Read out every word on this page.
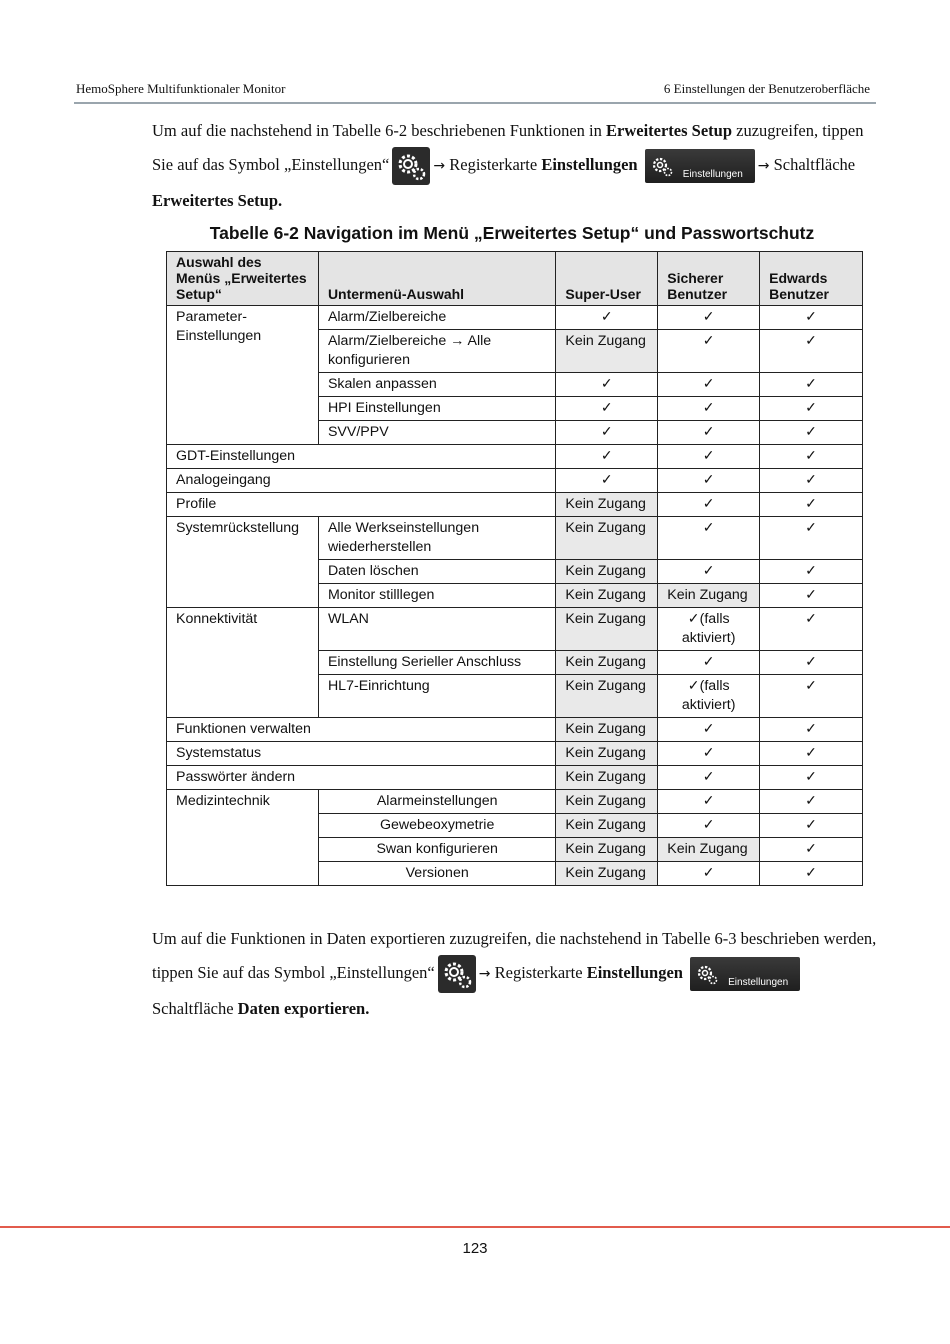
HemoSphere Multifunktionaler Monitor	6 Einstellungen der Benutzeroberfläche
Um auf die nachstehend in Tabelle 6-2 beschriebenen Funktionen in Erweitertes Setup zuzugreifen, tippen Sie auf das Symbol „Einstellungen“	→ Registerkarte Einstellungen
Einstellungen
→ Schaltfläche
Erweitertes Setup.
Tabelle 6-2 Navigation im Menü „Erweitertes Setup“ und Passwortschutz
Auswahl des Menüs „Erweitertes Setup“	Untermenü-Auswahl	Super-User	Sicherer Benutzer	Edwards Benutzer
Parameter-Einstellungen	Alarm/Zielbereiche	✓	✓	✓
	Alarm/Zielbereiche → Alle konfigurieren	Kein Zugang	✓	✓
	Skalen anpassen	✓	✓	✓
	HPI Einstellungen	✓	✓	✓
	SVV/PPV	✓	✓	✓
GDT-Einstellungen		✓	✓	✓
Analogeingang		✓	✓	✓
Profile		Kein Zugang	✓	✓
Systemrückstellung	Alle Werkseinstellungen wiederherstellen	Kein Zugang	✓	✓
	Daten löschen	Kein Zugang	✓	✓
	Monitor stilllegen	Kein Zugang	Kein Zugang	✓
Konnektivität	WLAN	Kein Zugang	✓(falls aktiviert)	✓
	Einstellung Serieller Anschluss	Kein Zugang	✓	✓
	HL7-Einrichtung	Kein Zugang	✓(falls aktiviert)	✓
Funktionen verwalten		Kein Zugang	✓	✓
Systemstatus		Kein Zugang	✓	✓
Passwörter ändern		Kein Zugang	✓	✓
Medizintechnik	Alarmeinstellungen	Kein Zugang	✓	✓
	Gewebeoxymetrie	Kein Zugang	✓	✓
	Swan konfigurieren	Kein Zugang	Kein Zugang	✓
	Versionen	Kein Zugang	✓	✓
Um auf die Funktionen in Daten exportieren zuzugreifen, die nachstehend in Tabelle 6-3 beschrieben werden, tippen Sie auf das Symbol „Einstellungen“	→ Registerkarte Einstellungen
Einstellungen

Schaltfläche Daten exportieren.
123
